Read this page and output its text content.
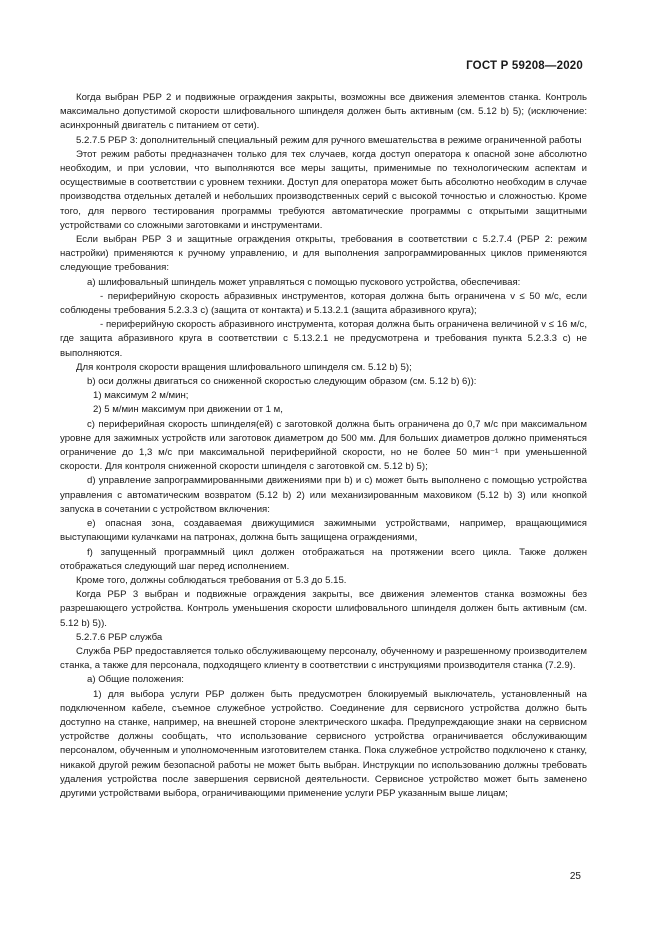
ГОСТ Р 59208—2020

Когда выбран РБР 2 и подвижные ограждения закрыты, возможны все движения элементов станка. Контроль максимально допустимой скорости шлифовального шпинделя должен быть активным (см. 5.12 b) 5); (исключение: асинхронный двигатель с питанием от сети).

5.2.7.5 РБР 3: дополнительный специальный режим для ручного вмешательства в режиме ограниченной работы

Этот режим работы предназначен только для тех случаев, когда доступ оператора к опасной зоне абсолютно необходим, и при условии, что выполняются все меры защиты, применимые по технологическим аспектам и осуществимые в соответствии с уровнем техники. Доступ для оператора может быть абсолютно необходим в случае производства отдельных деталей и небольших производственных серий с высокой точностью и сложностью. Кроме того, для первого тестирования программы требуются автоматические программы с открытыми защитными устройствами со сложными заготовками и инструментами.

Если выбран РБР 3 и защитные ограждения открыты, требования в соответствии с 5.2.7.4 (РБР 2: режим настройки) применяются к ручному управлению, и для выполнения запрограммированных циклов применяются следующие требования:

a) шлифовальный шпиндель может управляться с помощью пускового устройства, обеспечивая:

- периферийную скорость абразивных инструментов, которая должна быть ограничена v ≤ 50 м/с, если соблюдены требования 5.2.3.3 c) (защита от контакта) и 5.13.2.1 (защита абразивного круга);

- периферийную скорость абразивного инструмента, которая должна быть ограничена величиной v ≤ 16 м/с, где защита абразивного круга в соответствии с 5.13.2.1 не предусмотрена и требования пункта 5.2.3.3 c) не выполняются.

Для контроля скорости вращения шлифовального шпинделя см. 5.12 b) 5);

b) оси должны двигаться со сниженной скоростью следующим образом (см. 5.12 b) 6)):

1) максимум 2 м/мин;

2) 5 м/мин максимум при движении от 1 м,

c) периферийная скорость шпинделя(ей) с заготовкой должна быть ограничена до 0,7 м/с при максимальном уровне для зажимных устройств или заготовок диаметром до 500 мм. Для больших диаметров должно применяться ограничение до 1,3 м/с при максимальной периферийной скорости, но не более 50 мин⁻¹ при уменьшенной скорости. Для контроля сниженной скорости шпинделя с заготовкой см. 5.12 b) 5);

d) управление запрограммированными движениями при b) и c) может быть выполнено с помощью устройства управления с автоматическим возвратом (5.12 b) 2) или механизированным маховиком (5.12 b) 3) или кнопкой запуска в сочетании с устройством включения:

e) опасная зона, создаваемая движущимися зажимными устройствами, например, вращающимися выступающими кулачками на патронах, должна быть защищена ограждениями,

f) запущенный программный цикл должен отображаться на протяжении всего цикла. Также должен отображаться следующий шаг перед исполнением.

Кроме того, должны соблюдаться требования от 5.3 до 5.15.

Когда РБР 3 выбран и подвижные ограждения закрыты, все движения элементов станка возможны без разрешающего устройства. Контроль уменьшения скорости шлифовального шпинделя должен быть активным (см. 5.12 b) 5)).

5.2.7.6 РБР служба

Служба РБР предоставляется только обслуживающему персоналу, обученному и разрешенному производителем станка, а также для персонала, подходящего клиенту в соответствии с инструкциями производителя станка (7.2.9).

a) Общие положения:

1) для выбора услуги РБР должен быть предусмотрен блокируемый выключатель, установленный на подключенном кабеле, съемное служебное устройство. Соединение для сервисного устройства должно быть доступно на станке, например, на внешней стороне электрического шкафа. Предупреждающие знаки на сервисном устройстве должны сообщать, что использование сервисного устройства ограничивается обслуживающим персоналом, обученным и уполномоченным изготовителем станка. Пока служебное устройство подключено к станку, никакой другой режим безопасной работы не может быть выбран. Инструкции по использованию должны требовать удаления устройства после завершения сервисной деятельности. Сервисное устройство может быть заменено другими устройствами выбора, ограничивающими применение услуги РБР указанным выше лицам;

25
